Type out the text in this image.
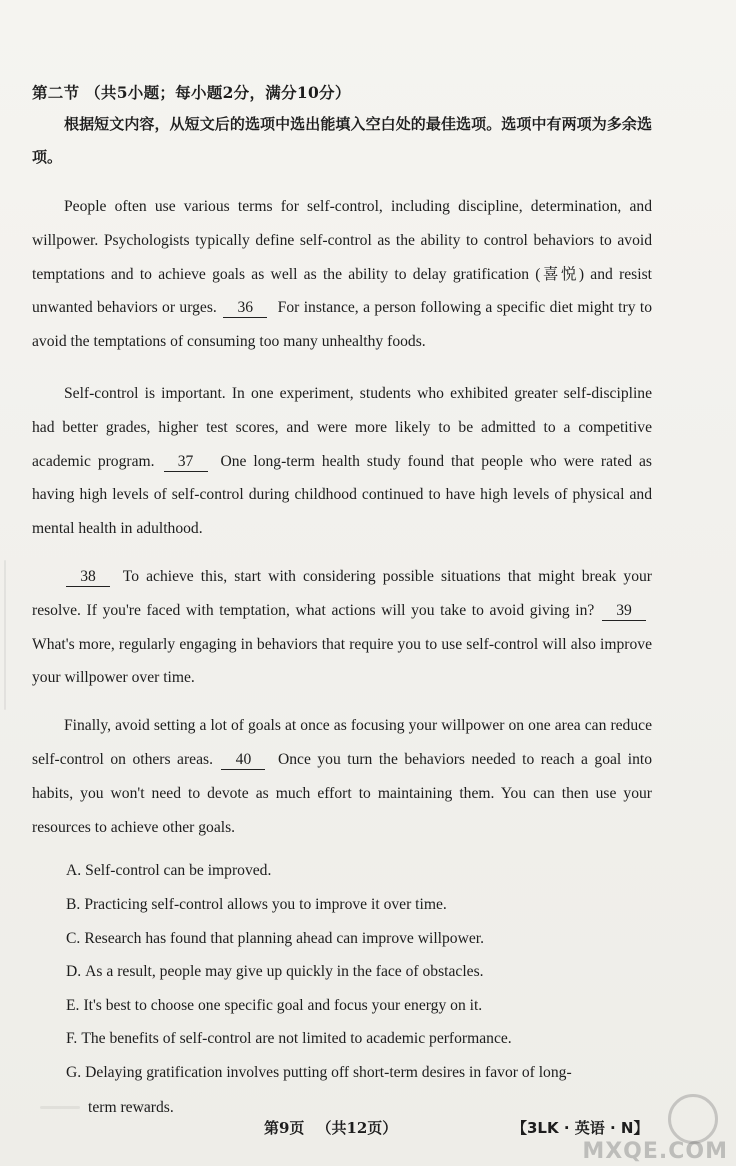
第二节 （共5小题；每小题2分，满分10分）

根据短文内容，从短文后的选项中选出能填入空白处的最佳选项。选项中有两项为多余选项。

People often use various terms for self-control, including discipline, determination, and willpower. Psychologists typically define self-control as the ability to control behaviors to avoid temptations and to achieve goals as well as the ability to delay gratification (喜悦) and resist unwanted behaviors or urges. 36 For instance, a person following a specific diet might try to avoid the temptations of consuming too many unhealthy foods.

Self-control is important. In one experiment, students who exhibited greater self-discipline had better grades, higher test scores, and were more likely to be admitted to a competitive academic program. 37 One long-term health study found that people who were rated as having high levels of self-control during childhood continued to have high levels of physical and mental health in adulthood.

38 To achieve this, start with considering possible situations that might break your resolve. If you're faced with temptation, what actions will you take to avoid giving in? 39 What's more, regularly engaging in behaviors that require you to use self-control will also improve your willpower over time.

Finally, avoid setting a lot of goals at once as focusing your willpower on one area can reduce self-control on others areas. 40 Once you turn the behaviors needed to reach a goal into habits, you won't need to devote as much effort to maintaining them. You can then use your resources to achieve other goals.

A. Self-control can be improved.
B. Practicing self-control allows you to improve it over time.
C. Research has found that planning ahead can improve willpower.
D. As a result, people may give up quickly in the face of obstacles.
E. It's best to choose one specific goal and focus your energy on it.
F. The benefits of self-control are not limited to academic performance.
G. Delaying gratification involves putting off short-term desires in favor of long-
term rewards.
第9页 （共12页）	【3LK · 英语 · N】
MXQE.COM
